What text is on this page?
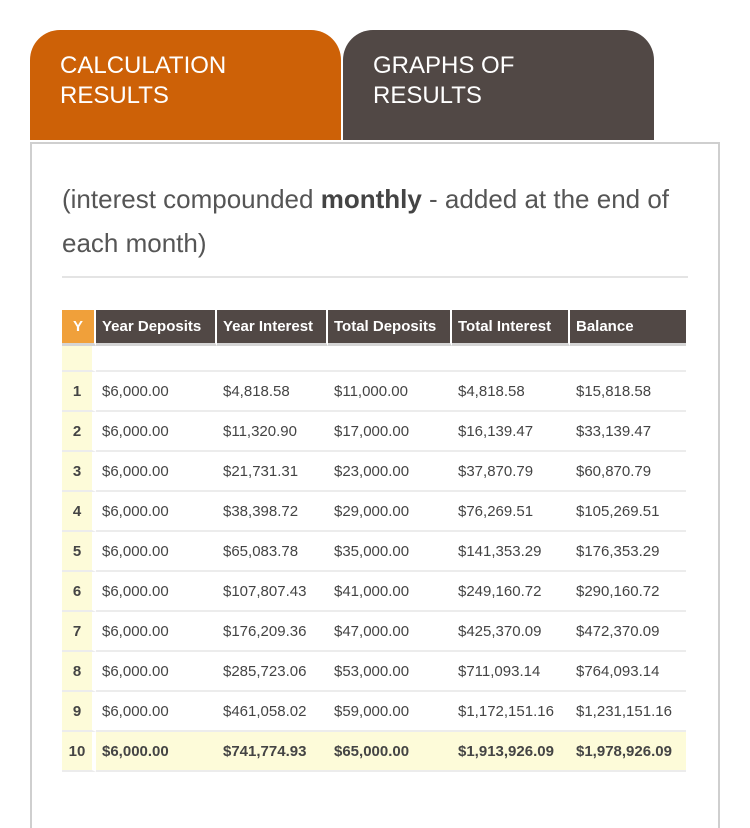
CALCULATION
RESULTS
GRAPHS OF
RESULTS

(interest compounded monthly - added at the end of each month)

Y	Year Deposits	Year Interest	Total Deposits	Total Interest	Balance

1	$6,000.00	$4,818.58	$11,000.00	$4,818.58	$15,818.58
2	$6,000.00	$11,320.90	$17,000.00	$16,139.47	$33,139.47
3	$6,000.00	$21,731.31	$23,000.00	$37,870.79	$60,870.79
4	$6,000.00	$38,398.72	$29,000.00	$76,269.51	$105,269.51
5	$6,000.00	$65,083.78	$35,000.00	$141,353.29	$176,353.29
6	$6,000.00	$107,807.43	$41,000.00	$249,160.72	$290,160.72
7	$6,000.00	$176,209.36	$47,000.00	$425,370.09	$472,370.09
8	$6,000.00	$285,723.06	$53,000.00	$711,093.14	$764,093.14
9	$6,000.00	$461,058.02	$59,000.00	$1,172,151.16	$1,231,151.16
10	$6,000.00	$741,774.93	$65,000.00	$1,913,926.09	$1,978,926.09
